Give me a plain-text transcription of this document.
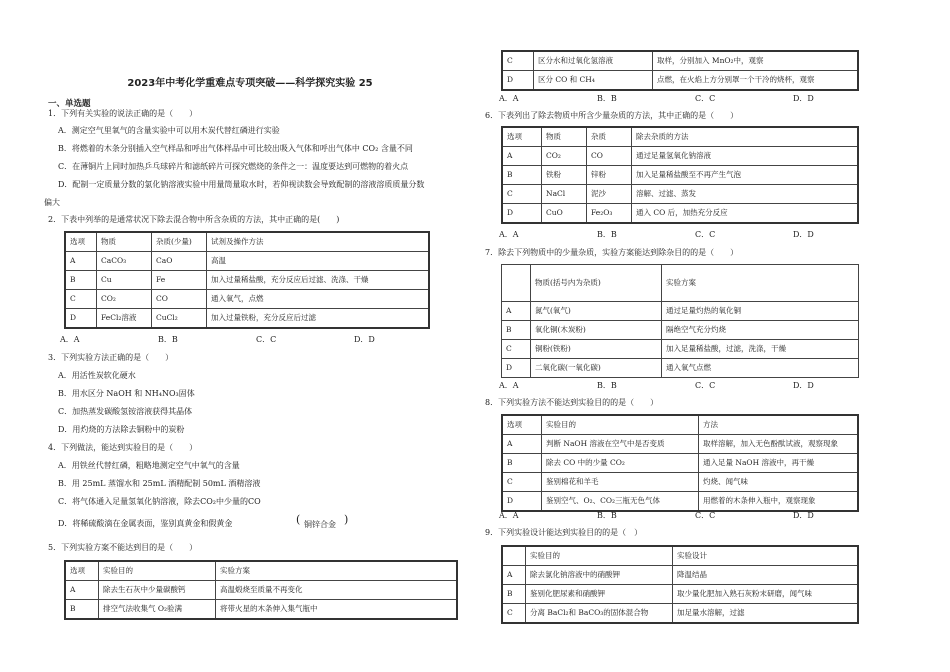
2023年中考化学重难点专项突破——科学探究实验 25
一、单选题
1．下列有关实验的说法正确的是（　　）
A．测定空气里氧气的含量实验中可以用木炭代替红磷进行实验
B．将燃着的木条分别插入空气样品和呼出气体样品中可比较出吸入气体和呼出气体中 CO₂ 含量不同
C．在薄铜片上同时加热乒乓球碎片和滤纸碎片可探究燃烧的条件之一：温度要达到可燃物的着火点
D．配制一定质量分数的氯化钠溶液实验中用量筒量取水时，若仰视读数会导致配制的溶液溶质质量分数
偏大
2．下表中列举的是通常状况下除去混合物中所含杂质的方法，其中正确的是(　　)
选项	物质	杂质(少量)	试剂及操作方法
A	CaCO₃	CaO	高温
B	Cu	Fe	加入过量稀盐酸，充分反应后过滤、洗涤、干燥
C	CO₂	CO	通入氧气，点燃
D	FeCl₂溶液	CuCl₂	加入过量铁粉，充分反应后过滤
A．A	B．B	C．C	D．D
3．下列实验方法正确的是（　　）
A．用活性炭软化硬水
B．用水区分 NaOH 和 NH₄NO₃固体
C．加热蒸发碳酸氢铵溶液获得其晶体
D．用灼烧的方法除去铜粉中的炭粉
4．下列做法，能达到实验目的是（　　）
A．用铁丝代替红磷，粗略地测定空气中氧气的含量
B．用 25mL 蒸馏水和 25mL 酒精配制 50mL 酒精溶液
C．将气体通入足量氢氧化钠溶液，除去CO₂中少量的CO
D．将稀硫酸滴在金属表面，鉴别真黄金和假黄金	( 铜锌合金 )
5．下列实验方案不能达到目的是（　　）
选项	实验目的	实验方案
A	除去生石灰中少量碳酸钙	高温煅烧至质量不再变化
B	排空气法收集气 O₂验满	将带火星的木条伸入集气瓶中
C	区分水和过氧化氢溶液	取样，分别加入 MnO₂中，观察
D	区分 CO 和 CH₄	点燃，在火焰上方分别罩一个干冷的烧杯，观察
A．A	B．B	C．C	D．D
6．下表列出了除去物质中所含少量杂质的方法，其中正确的是（　　）
选项	物质	杂质	除去杂质的方法
A	CO₂	CO	通过足量氢氧化钠溶液
B	铁粉	锌粉	加入足量稀盐酸至不再产生气泡
C	NaCl	泥沙	溶解、过滤、蒸发
D	CuO	Fe₂O₃	通入 CO 后，加热充分反应
A．A	B．B	C．C	D．D
7．除去下列物质中的少量杂质，实验方案能达到除杂目的的是（　　）
	物质(括号内为杂质)	实验方案
A	氮气(氧气)	通过足量灼热的氧化铜
B	氧化铜(木炭粉)	隔绝空气充分灼烧
C	铜粉(铁粉)	加入足量稀盐酸，过滤，洗涤，干燥
D	二氧化碳(一氧化碳)	通入氧气点燃
A．A	B．B	C．C	D．D
8．下列实验方法不能达到实验目的的是（　　）
选项	实验目的	方法
A	判断 NaOH 溶液在空气中是否变质	取样溶解，加入无色酚酞试液，观察现象
B	除去 CO 中的少量 CO₂	通入足量 NaOH 溶液中，再干燥
C	鉴别棉花和羊毛	灼烧、闻气味
D	鉴别空气、O₂、CO₂三瓶无色气体	用燃着的木条伸入瓶中，观察现象
A．A	B．B	C．C	D．D
9．下列实验设计能达到实验目的的是（　）
	实验目的	实验设计
A	除去氯化钠溶液中的硝酸钾	降温结晶
B	鉴别化肥尿素和硝酸钾	取少量化肥加入熟石灰粉末研磨，闻气味
C	分离 BaCl₂和 BaCO₃的固体混合物	加足量水溶解，过滤
